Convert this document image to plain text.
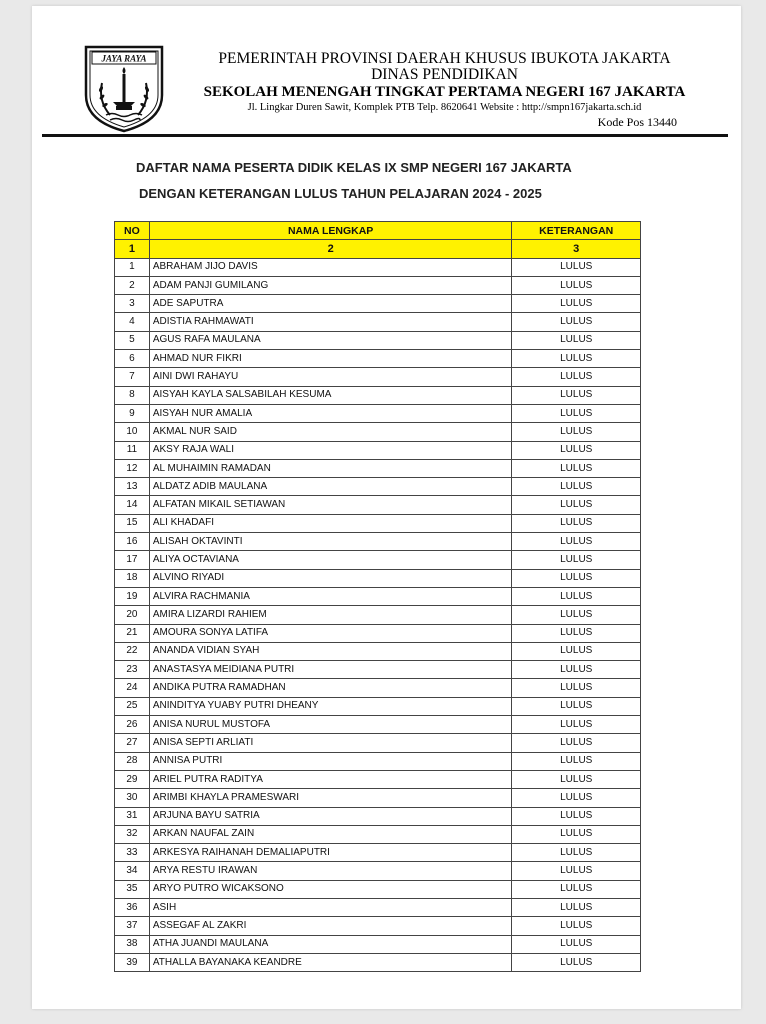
JAYA RAYA	PEMERINTAH PROVINSI DAERAH KHUSUS IBUKOTA JAKARTA
DINAS PENDIDIKAN
SEKOLAH MENENGAH TINGKAT PERTAMA NEGERI 167 JAKARTA
Jl. Lingkar Duren Sawit, Komplek PTB Telp. 8620641 Website : http://smpn167jakarta.sch.id
Kode Pos 13440
DAFTAR NAMA PESERTA DIDIK KELAS IX SMP NEGERI 167 JAKARTA
DENGAN KETERANGAN LULUS TAHUN PELAJARAN 2024 - 2025
NO	NAMA LENGKAP	KETERANGAN
1	2	3
1	ABRAHAM JIJO DAVIS	LULUS
2	ADAM PANJI GUMILANG	LULUS
3	ADE SAPUTRA	LULUS
4	ADISTIA RAHMAWATI	LULUS
5	AGUS RAFA MAULANA	LULUS
6	AHMAD NUR FIKRI	LULUS
7	AINI DWI RAHAYU	LULUS
8	AISYAH KAYLA SALSABILAH KESUMA	LULUS
9	AISYAH NUR AMALIA	LULUS
10	AKMAL NUR SAID	LULUS
11	AKSY RAJA WALI	LULUS
12	AL MUHAIMIN RAMADAN	LULUS
13	ALDATZ ADIB MAULANA	LULUS
14	ALFATAN MIKAIL SETIAWAN	LULUS
15	ALI KHADAFI	LULUS
16	ALISAH OKTAVINTI	LULUS
17	ALIYA OCTAVIANA	LULUS
18	ALVINO RIYADI	LULUS
19	ALVIRA RACHMANIA	LULUS
20	AMIRA LIZARDI RAHIEM	LULUS
21	AMOURA SONYA LATIFA	LULUS
22	ANANDA VIDIAN SYAH	LULUS
23	ANASTASYA MEIDIANA PUTRI	LULUS
24	ANDIKA PUTRA RAMADHAN	LULUS
25	ANINDITYA YUABY PUTRI DHEANY	LULUS
26	ANISA NURUL MUSTOFA	LULUS
27	ANISA SEPTI ARLIATI	LULUS
28	ANNISA PUTRI	LULUS
29	ARIEL PUTRA RADITYA	LULUS
30	ARIMBI KHAYLA PRAMESWARI	LULUS
31	ARJUNA BAYU SATRIA	LULUS
32	ARKAN NAUFAL ZAIN	LULUS
33	ARKESYA RAIHANAH DEMALIAPUTRI	LULUS
34	ARYA RESTU IRAWAN	LULUS
35	ARYO PUTRO WICAKSONO	LULUS
36	ASIH	LULUS
37	ASSEGAF AL ZAKRI	LULUS
38	ATHA JUANDI MAULANA	LULUS
39	ATHALLA BAYANAKA KEANDRE	LULUS
